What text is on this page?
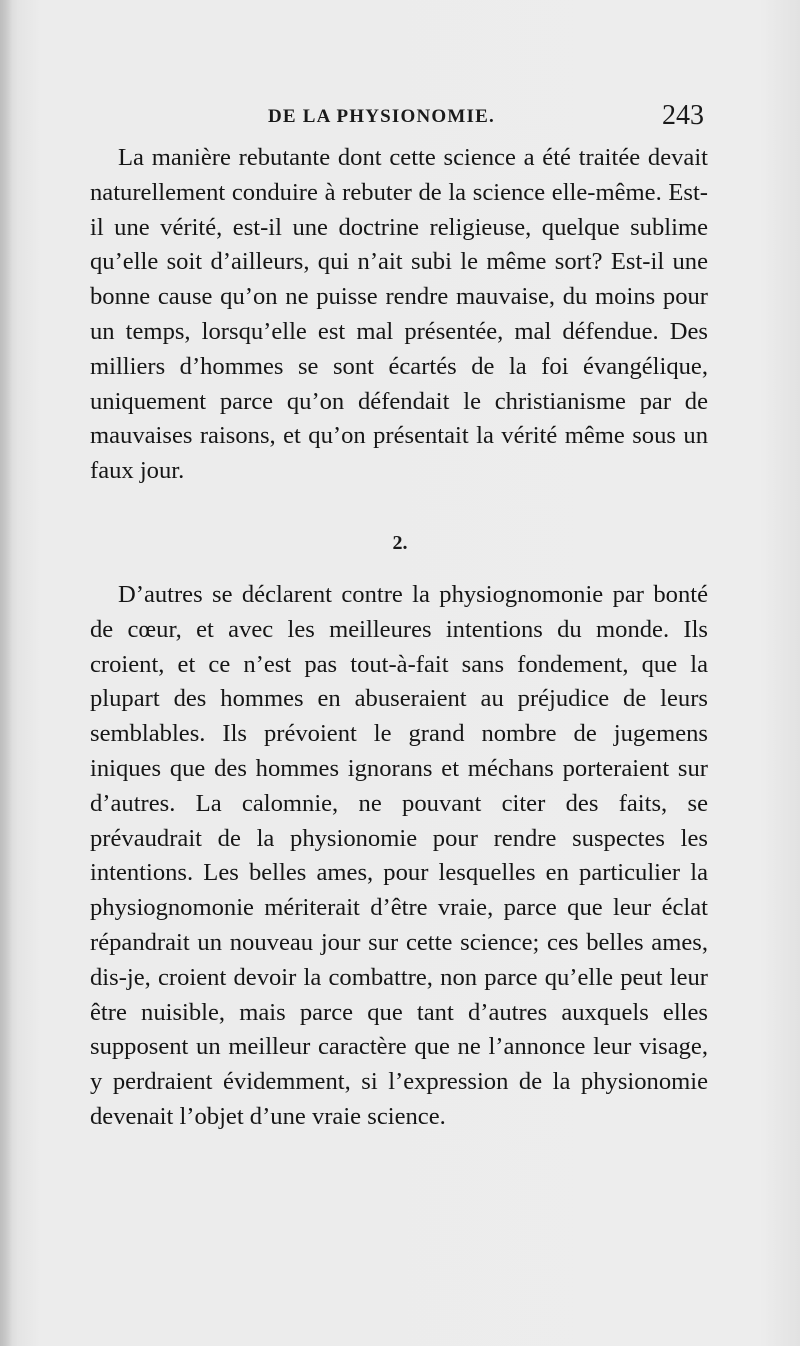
DE LA PHYSIONOMIE.	243

La manière rebutante dont cette science a été traitée devait naturellement conduire à rebuter de la science elle-même. Est-il une vérité, est-il une doctrine religieuse, quelque sublime qu’elle soit d’ailleurs, qui n’ait subi le même sort? Est-il une bonne cause qu’on ne puisse rendre mauvaise, du moins pour un temps, lorsqu’elle est mal présentée, mal défendue. Des milliers d’hommes se sont écartés de la foi évangélique, uniquement parce qu’on défendait le christianisme par de mauvaises raisons, et qu’on présentait la vérité même sous un faux jour.

2.

D’autres se déclarent contre la physiognomonie par bonté de cœur, et avec les meilleures intentions du monde. Ils croient, et ce n’est pas tout-à-fait sans fondement, que la plupart des hommes en abuseraient au préjudice de leurs semblables. Ils prévoient le grand nombre de jugemens iniques que des hommes ignorans et méchans porteraient sur d’autres. La calomnie, ne pouvant citer des faits, se prévaudrait de la physionomie pour rendre suspectes les intentions. Les belles ames, pour lesquelles en particulier la physiognomonie mériterait d’être vraie, parce que leur éclat répandrait un nouveau jour sur cette science; ces belles ames, dis-je, croient devoir la combattre, non parce qu’elle peut leur être nuisible, mais parce que tant d’autres auxquels elles supposent un meilleur caractère que ne l’annonce leur visage, y perdraient évidemment, si l’expression de la physionomie devenait l’objet d’une vraie science.
